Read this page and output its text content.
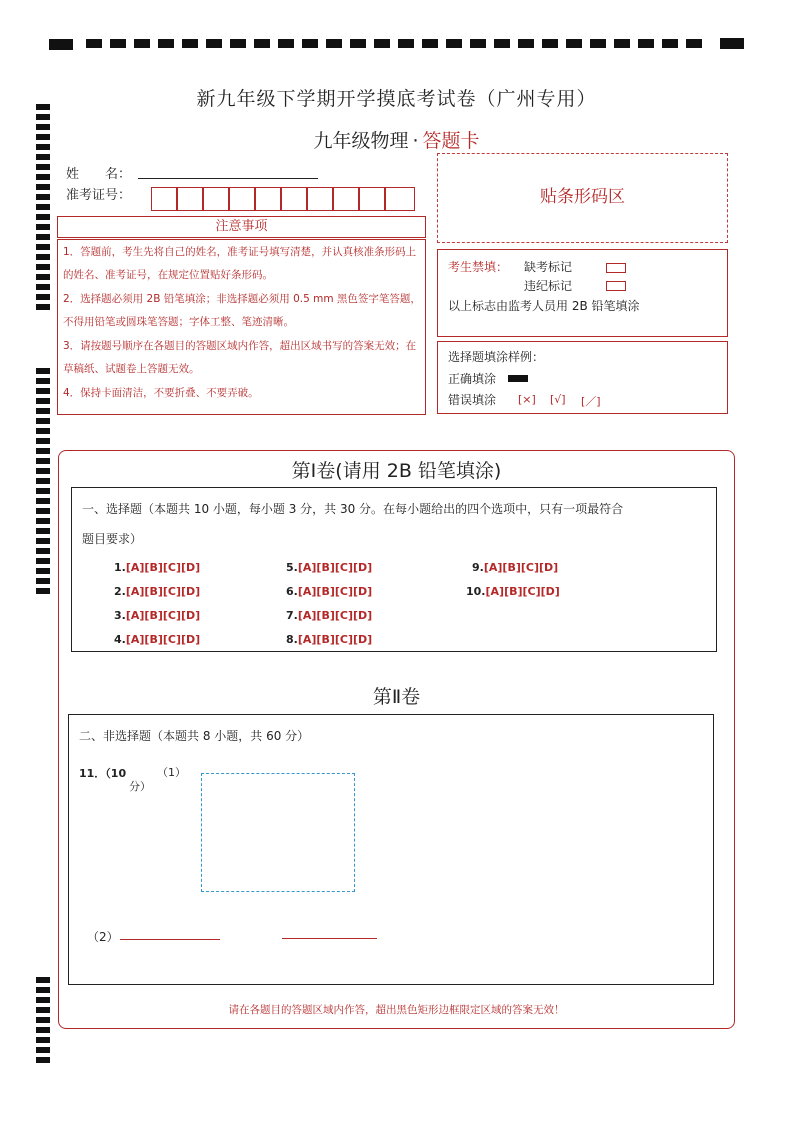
新九年级下学期开学摸底考试卷（广州专用）
九年级物理 · 答题卡
姓　　名：
准考证号：	贴条形码区
注意事项
1．答题前，考生先将自己的姓名，准考证号填写清楚，并认真核准条形码上的姓名、准考证号，在规定位置贴好条形码。
2．选择题必须用 2B 铅笔填涂；非选择题必须用 0.5 mm 黑色签字笔答题，不得用铅笔或圆珠笔答题；字体工整、笔迹清晰。
3．请按题号顺序在各题目的答题区域内作答，超出区域书写的答案无效；在草稿纸、试题卷上答题无效。
4．保持卡面清洁，不要折叠、不要弄破。
考生禁填： 缺考标记
违纪标记
以上标志由监考人员用 2B 铅笔填涂
选择题填涂样例：
正确填涂
错误填涂 [×] [√] [／]
第Ⅰ卷(请用 2B 铅笔填涂)
一、选择题（本题共 10 小题，每小题 3 分，共 30 分。在每小题给出的四个选项中，只有一项最符合
题目要求）
1.[A][B][C][D]
2.[A][B][C][D]
3.[A][B][C][D]
4.[A][B][C][D]
5.[A][B][C][D]
6.[A][B][C][D]
7.[A][B][C][D]
8.[A][B][C][D]
9.[A][B][C][D]
10.[A][B][C][D]
第Ⅱ卷
二、非选择题（本题共 8 小题，共 60 分）
11．（10
分）
（1）
（2）
请在各题目的答题区域内作答，超出黑色矩形边框限定区域的答案无效！
